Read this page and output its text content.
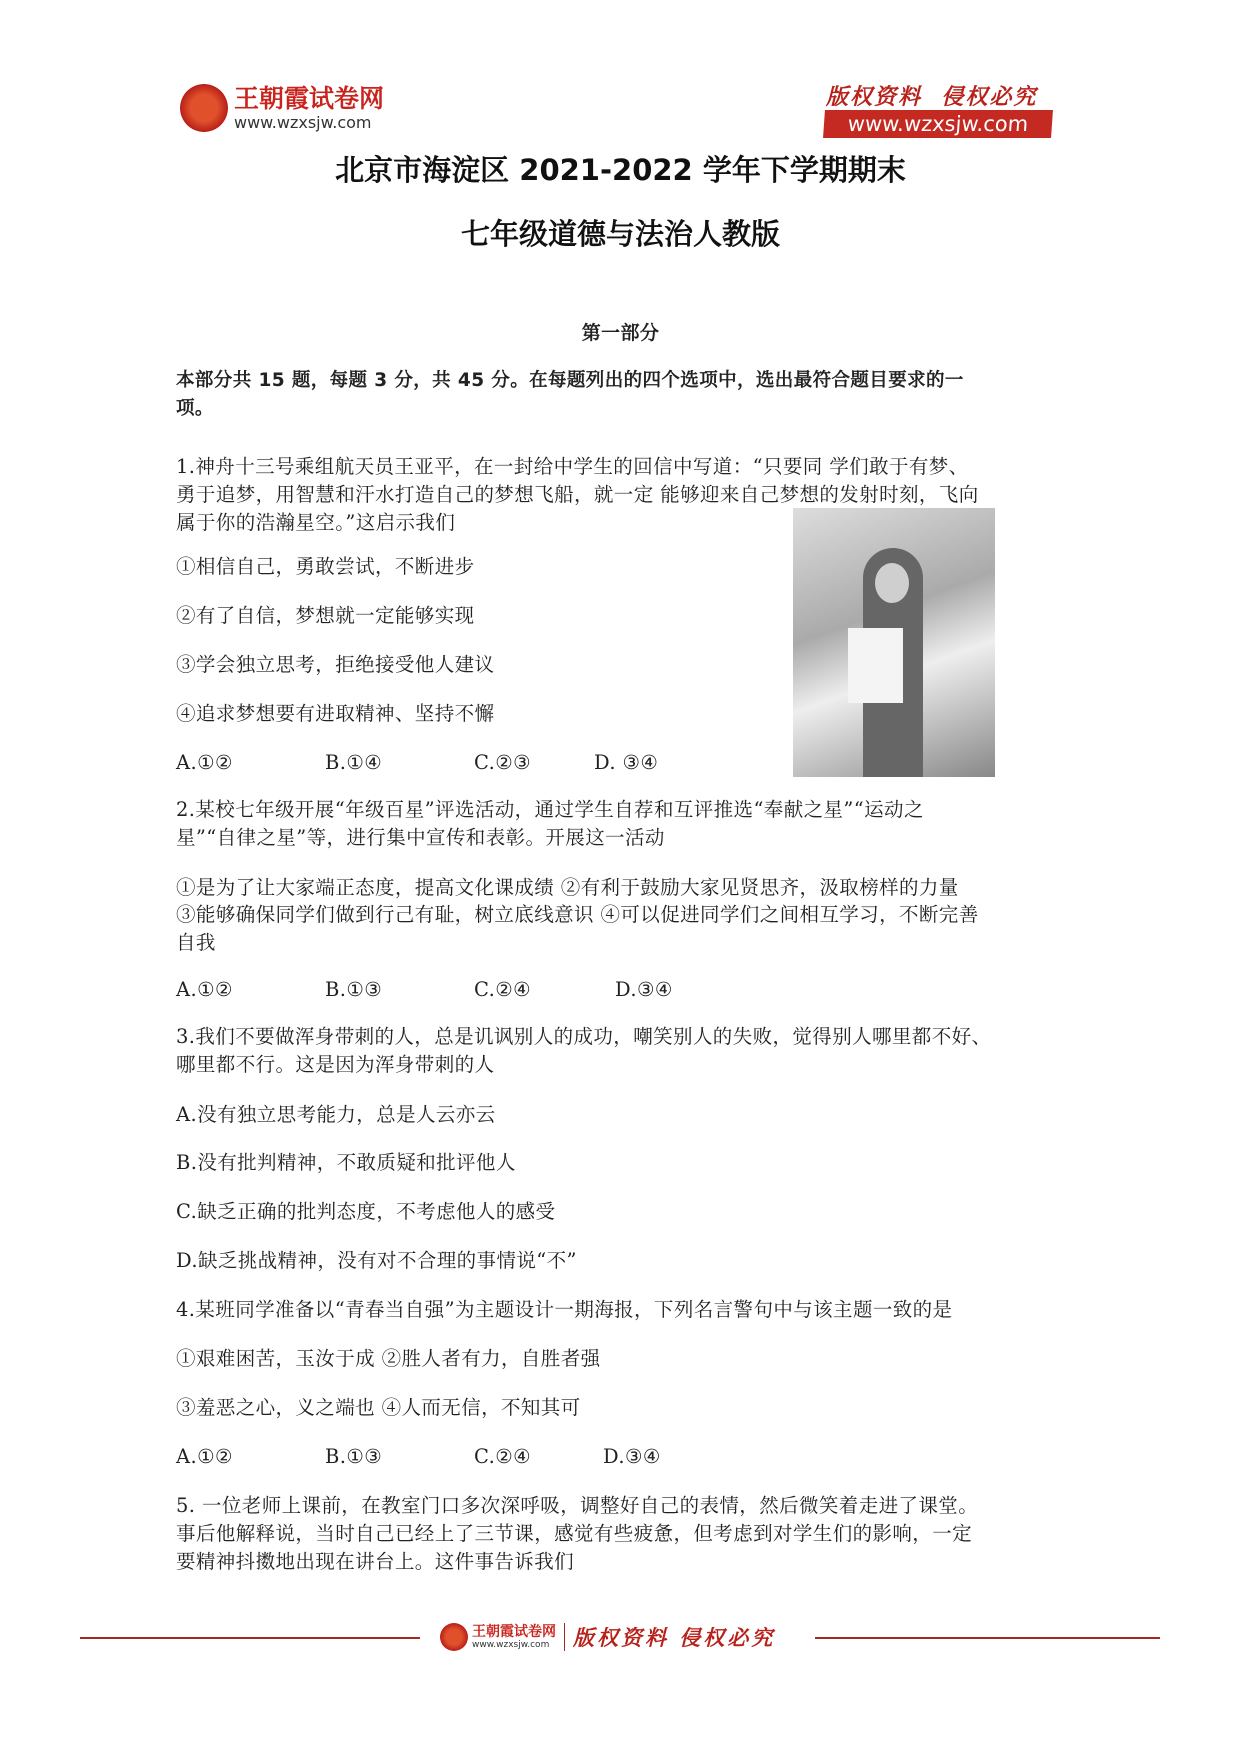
王朝霞试卷网
www.wzxsjw.com
版权资料  侵权必究
www.wzxsjw.com
北京市海淀区 2021-2022 学年下学期期末
七年级道德与法治人教版
第一部分
本部分共 15 题，每题 3 分，共 45 分。在每题列出的四个选项中，选出最符合题目要求的一
项。
1.神舟十三号乘组航天员王亚平，在一封给中学生的回信中写道：“只要同 学们敢于有梦、
勇于追梦，用智慧和汗水打造自己的梦想飞船，就一定 能够迎来自己梦想的发射时刻，飞向
属于你的浩瀚星空。”这启示我们
①相信自己，勇敢尝试，不断进步
②有了自信，梦想就一定能够实现
③学会独立思考，拒绝接受他人建议
④追求梦想要有进取精神、坚持不懈
A.①②	B.①④	C.②③	D. ③④
2.某校七年级开展“年级百星”评选活动，通过学生自荐和互评推选“奉献之星”“运动之
星”“自律之星”等，进行集中宣传和表彰。开展这一活动
①是为了让大家端正态度，提高文化课成绩 ②有利于鼓励大家见贤思齐，汲取榜样的力量
③能够确保同学们做到行己有耻，树立底线意识 ④可以促进同学们之间相互学习，不断完善
自我
A.①②	B.①③	C.②④	D.③④
3.我们不要做浑身带刺的人，总是讥讽别人的成功，嘲笑别人的失败，觉得别人哪里都不好、
哪里都不行。这是因为浑身带刺的人
A.没有独立思考能力，总是人云亦云
B.没有批判精神，不敢质疑和批评他人
C.缺乏正确的批判态度，不考虑他人的感受
D.缺乏挑战精神，没有对不合理的事情说“不”
4.某班同学准备以“青春当自强”为主题设计一期海报，下列名言警句中与该主题一致的是
①艰难困苦，玉汝于成 ②胜人者有力，自胜者强
③羞恶之心，义之端也 ④人而无信，不知其可
A.①②	B.①③	C.②④	D.③④
5. 一位老师上课前，在教室门口多次深呼吸，调整好自己的表情，然后微笑着走进了课堂。
事后他解释说，当时自己已经上了三节课，感觉有些疲惫，但考虑到对学生们的影响，一定
要精神抖擞地出现在讲台上。这件事告诉我们
王朝霞试卷网
www.wzxsjw.com	版权资料 侵权必究
